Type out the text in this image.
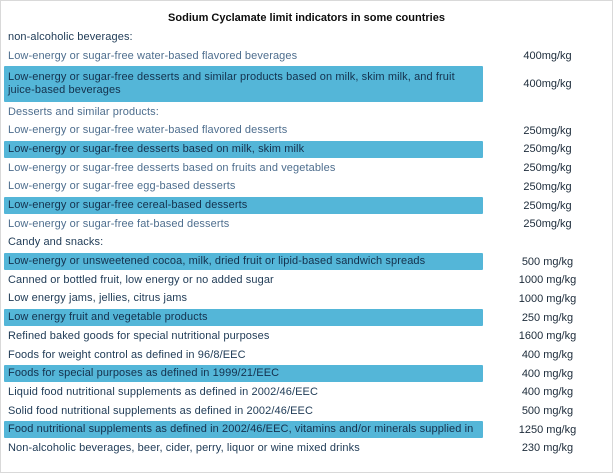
Sodium Cyclamate limit indicators in some countries
non-alcoholic beverages:
Low-energy or sugar-free water-based flavored beverages	400mg/kg
Low-energy or sugar-free desserts and similar products based on milk, skim milk, and fruit juice-based beverages	400mg/kg
Desserts and similar products:
Low-energy or sugar-free water-based flavored desserts	250mg/kg
Low-energy or sugar-free desserts based on milk, skim milk	250mg/kg
Low-energy or sugar-free desserts based on fruits and vegetables	250mg/kg
Low-energy or sugar-free egg-based desserts	250mg/kg
Low-energy or sugar-free cereal-based desserts	250mg/kg
Low-energy or sugar-free fat-based desserts	250mg/kg
Candy and snacks:
Low-energy or unsweetened cocoa, milk, dried fruit or lipid-based sandwich spreads	500 mg/kg
Canned or bottled fruit, low energy or no added sugar	1000 mg/kg
Low energy jams, jellies, citrus jams	1000 mg/kg
Low energy fruit and vegetable products	250 mg/kg
Refined baked goods for special nutritional purposes	1600 mg/kg
Foods for weight control as defined in 96/8/EEC	400 mg/kg
Foods for special purposes as defined in 1999/21/EEC	400 mg/kg
Liquid food nutritional supplements as defined in 2002/46/EEC	400 mg/kg
Solid food nutritional supplements as defined in 2002/46/EEC	500 mg/kg
Food nutritional supplements as defined in 2002/46/EEC, vitamins and/or minerals supplied in	1250 mg/kg
Non-alcoholic beverages, beer, cider, perry, liquor or wine mixed drinks	230 mg/kg
